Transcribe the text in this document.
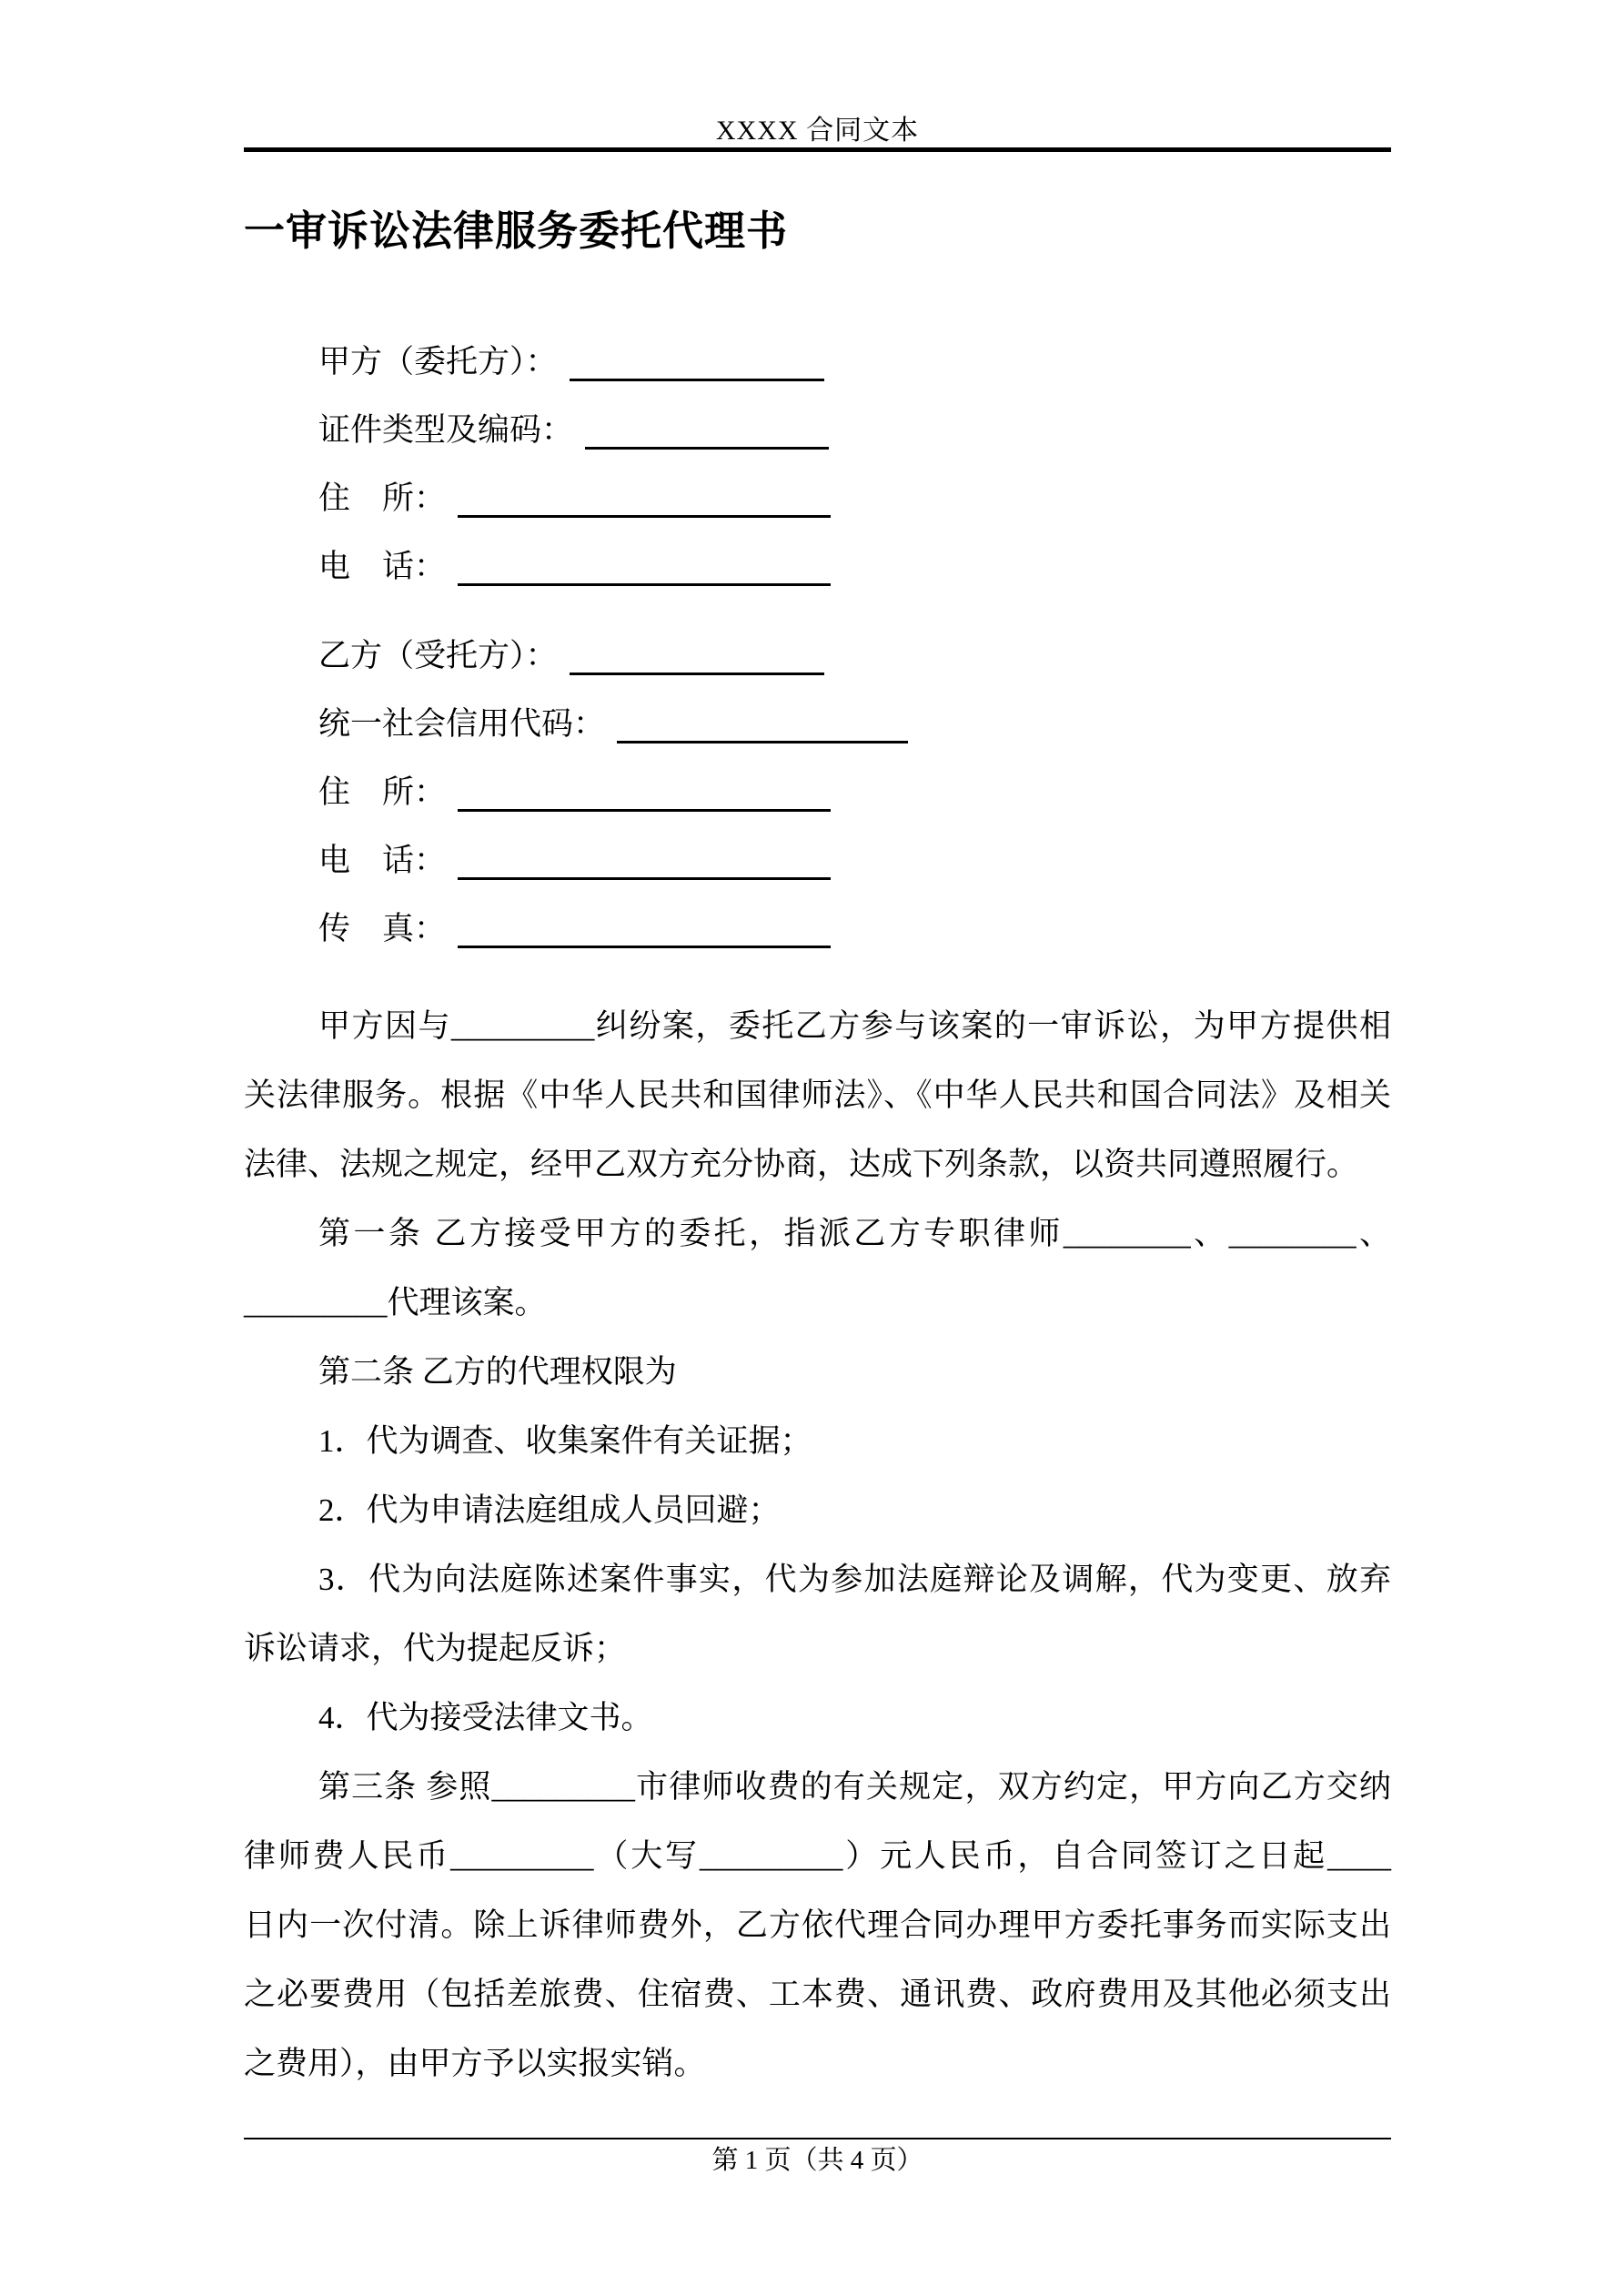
XXXX 合同文本
一审诉讼法律服务委托代理书
甲方（委托方）：
证件类型及编码：
住　所：
电　话：
乙方（受托方）：
统一社会信用代码：
住　所：
电　话：
传　真：
甲方因与_________纠纷案，委托乙方参与该案的一审诉讼，为甲方提供相
关法律服务。根据《中华人民共和国律师法》、《中华人民共和国合同法》及相关
法律、法规之规定，经甲乙双方充分协商，达成下列条款，以资共同遵照履行。
第一条 乙方接受甲方的委托，指派乙方专职律师________、________、
_________代理该案。
第二条 乙方的代理权限为
1．代为调查、收集案件有关证据；
2．代为申请法庭组成人员回避；
3．代为向法庭陈述案件事实，代为参加法庭辩论及调解，代为变更、放弃
诉讼请求，代为提起反诉；
4．代为接受法律文书。
第三条 参照_________市律师收费的有关规定，双方约定，甲方向乙方交纳
律师费人民币_________（大写_________）元人民币，自合同签订之日起____
日内一次付清。除上诉律师费外，乙方依代理合同办理甲方委托事务而实际支出
之必要费用（包括差旅费、住宿费、工本费、通讯费、政府费用及其他必须支出
之费用），由甲方予以实报实销。
第 1 页（共 4 页）
